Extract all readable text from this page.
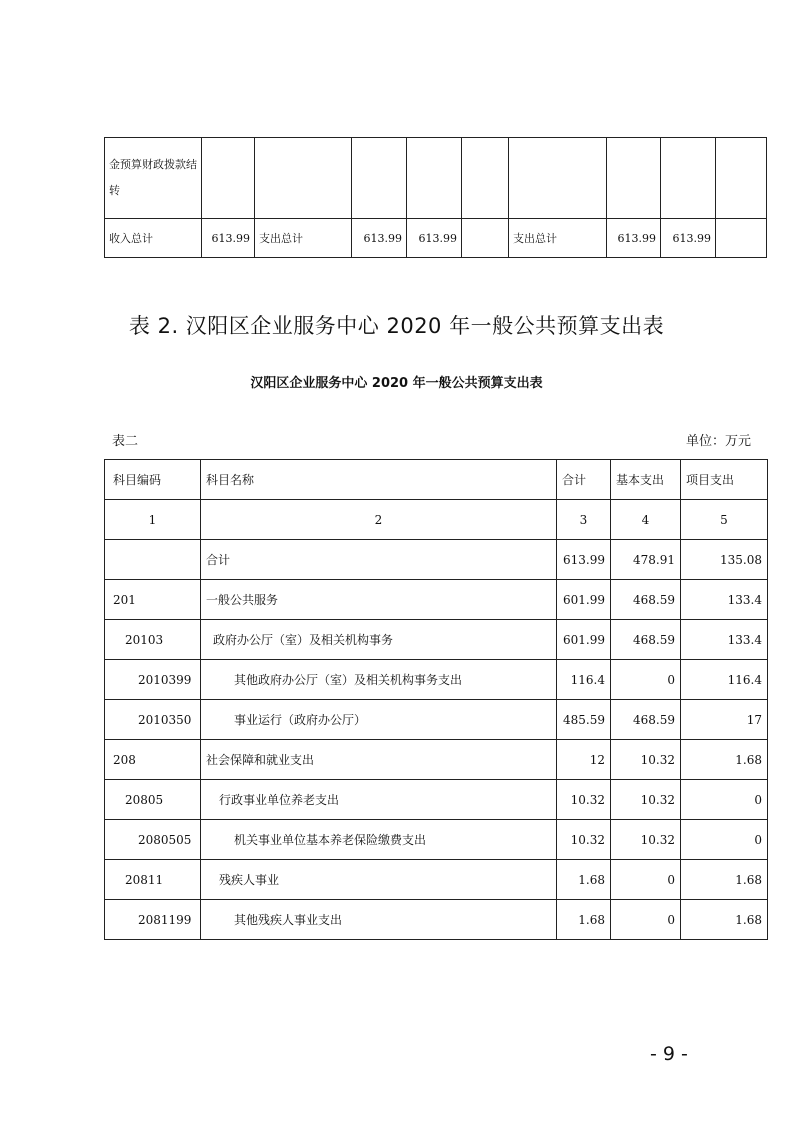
金预算财政拨款结转									
收入总计	613.99	支出总计	613.99	613.99		支出总计	613.99	613.99	
表 2. 汉阳区企业服务中心 2020 年一般公共预算支出表
汉阳区企业服务中心 2020 年一般公共预算支出表
表二	单位：万元
科目编码	科目名称	合计	基本支出	项目支出
1	2	3	4	5
	合计	613.99	478.91	135.08
201	一般公共服务	601.99	468.59	133.4
20103	政府办公厅（室）及相关机构事务	601.99	468.59	133.4
2010399	其他政府办公厅（室）及相关机构事务支出	116.4	0	116.4
2010350	事业运行（政府办公厅）	485.59	468.59	17
208	社会保障和就业支出	12	10.32	1.68
20805	行政事业单位养老支出	10.32	10.32	0
2080505	机关事业单位基本养老保险缴费支出	10.32	10.32	0
20811	残疾人事业	1.68	0	1.68
2081199	其他残疾人事业支出	1.68	0	1.68
- 9 -
